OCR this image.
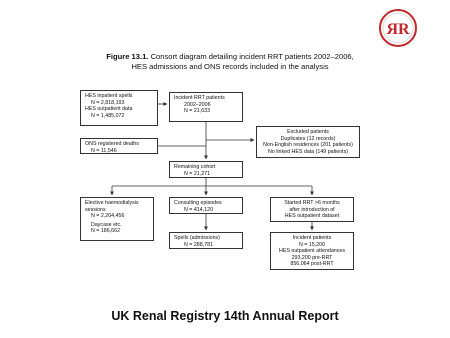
ЯR
Figure 13.1. Consort diagram detailing incident RRT patients 2002–2006,
HES admissions and ONS records included in the analysis
HES inpatient spells
N = 2,818,193
HES outpatient data
N = 1,485,072
Incident RRT patients
2002–2006
N = 21,633
ONS registered deaths
N = 11,546
Excluded patients
Duplicates (12 records)
Non-English residences (201 patients)
No linked HES data (149 patients)
Remaining cohort
N = 21,271
Elective haemodialysis
sessions
N = 2,204,456
Daycase etc.
N = 186,662
Consulting episodes
N = 414,120
Started RRT >6 months
after introduction of
HES outpatient dataset
Spells (admissions)
N = 288,781
Incident patients
N = 15,200
HES outpatient attendances
293,200 pre-RRT
856,064 post-RRT
UK Renal Registry 14th Annual Report
